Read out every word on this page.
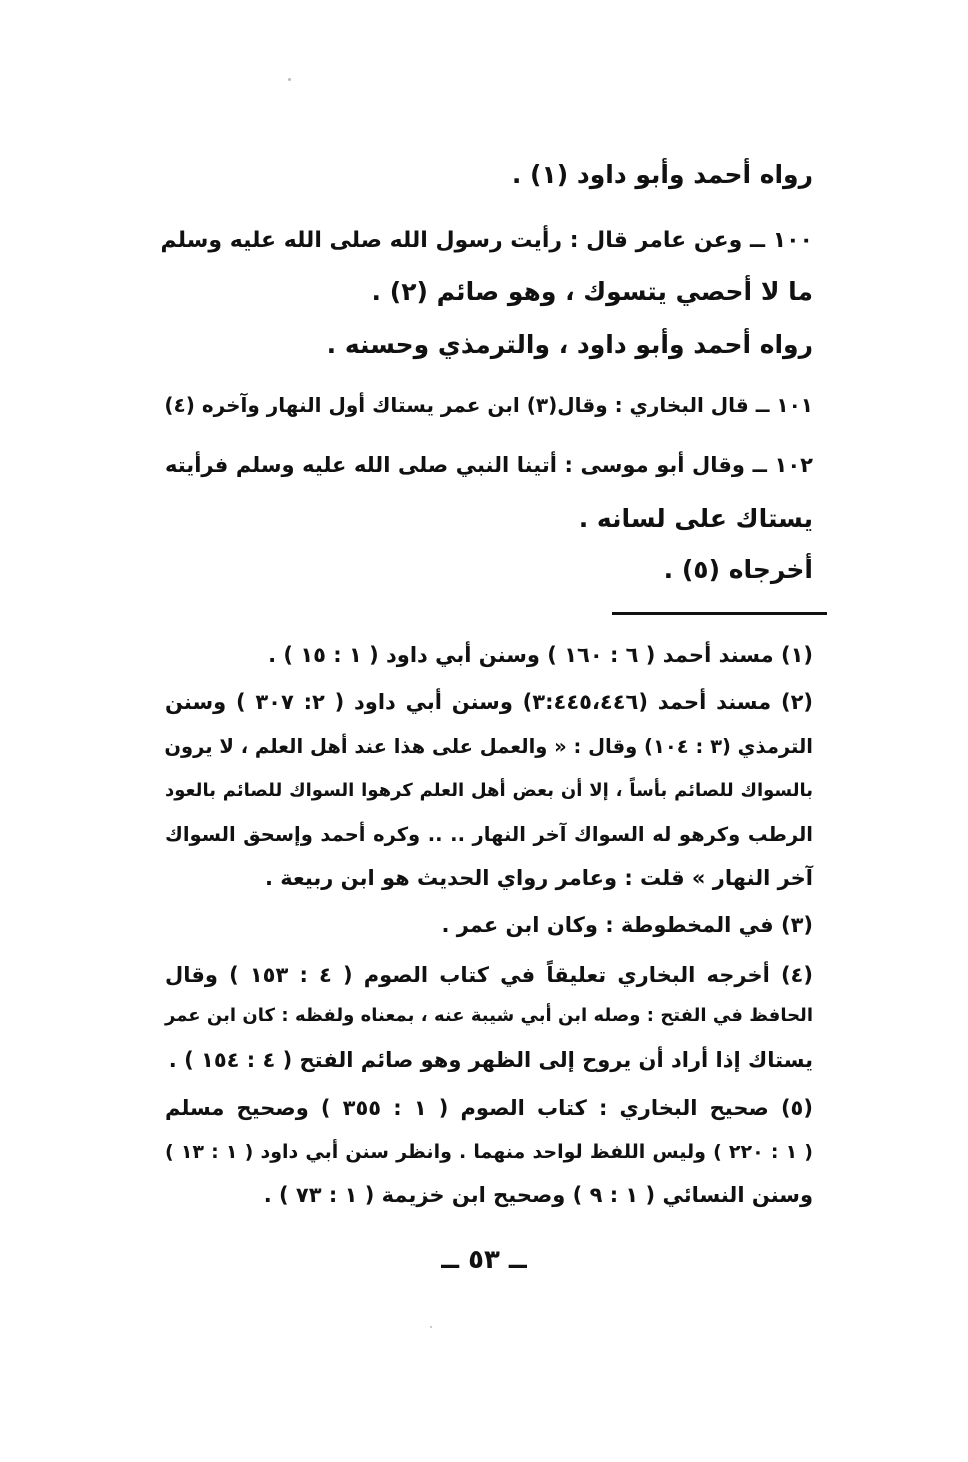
رواه أحمد وأبو داود (١) .
١٠٠ ــ وعن عامر قال : رأيت رسول الله صلى الله عليه وسلم
ما لا أحصي يتسوك ، وهو صائم (٢) .
رواه أحمد وأبو داود ، والترمذي وحسنه .
١٠١ ــ قال البخاري : وقال(٣) ابن عمر يستاك أول النهار وآخره (٤)
١٠٢ ــ وقال أبو موسى : أتينا النبي صلى الله عليه وسلم فرأيته
يستاك على لسانه .
أخرجاه (٥) .
(١) مسند أحمد ( ٦ : ١٦٠ ) وسنن أبي داود ( ١ : ١٥ ) .
(٢) مسند أحمد (٣:٤٤٥،٤٤٦) وسنن أبي داود ( ٢: ٣٠٧ ) وسنن
الترمذي (٣ : ١٠٤) وقال : « والعمل على هذا عند أهل العلم ، لا يرون
بالسواك للصائم بأساً ، إلا أن بعض أهل العلم كرهوا السواك للصائم بالعود
الرطب وكرهو له السواك آخر النهار .. .. وكره أحمد وإسحق السواك
آخر النهار » قلت : وعامر رواي الحديث هو ابن ربيعة .
(٣) في المخطوطة : وكان ابن عمر .
(٤) أخرجه البخاري تعليقاً في كتاب الصوم ( ٤ : ١٥٣ ) وقال
الحافظ في الفتح : وصله ابن أبي شيبة عنه ، بمعناه ولفظه : كان ابن عمر
يستاك إذا أراد أن يروح إلى الظهر وهو صائم الفتح ( ٤ : ١٥٤ ) .
(٥) صحيح البخاري : كتاب الصوم ( ١ : ٣٥٥ ) وصحيح مسلم
( ١ : ٢٢٠ ) وليس اللفظ لواحد منهما . وانظر سنن أبي داود ( ١ : ١٣ )
وسنن النسائي ( ١ : ٩ ) وصحيح ابن خزيمة ( ١ : ٧٣ ) .
ــ ٥٣ ــ
